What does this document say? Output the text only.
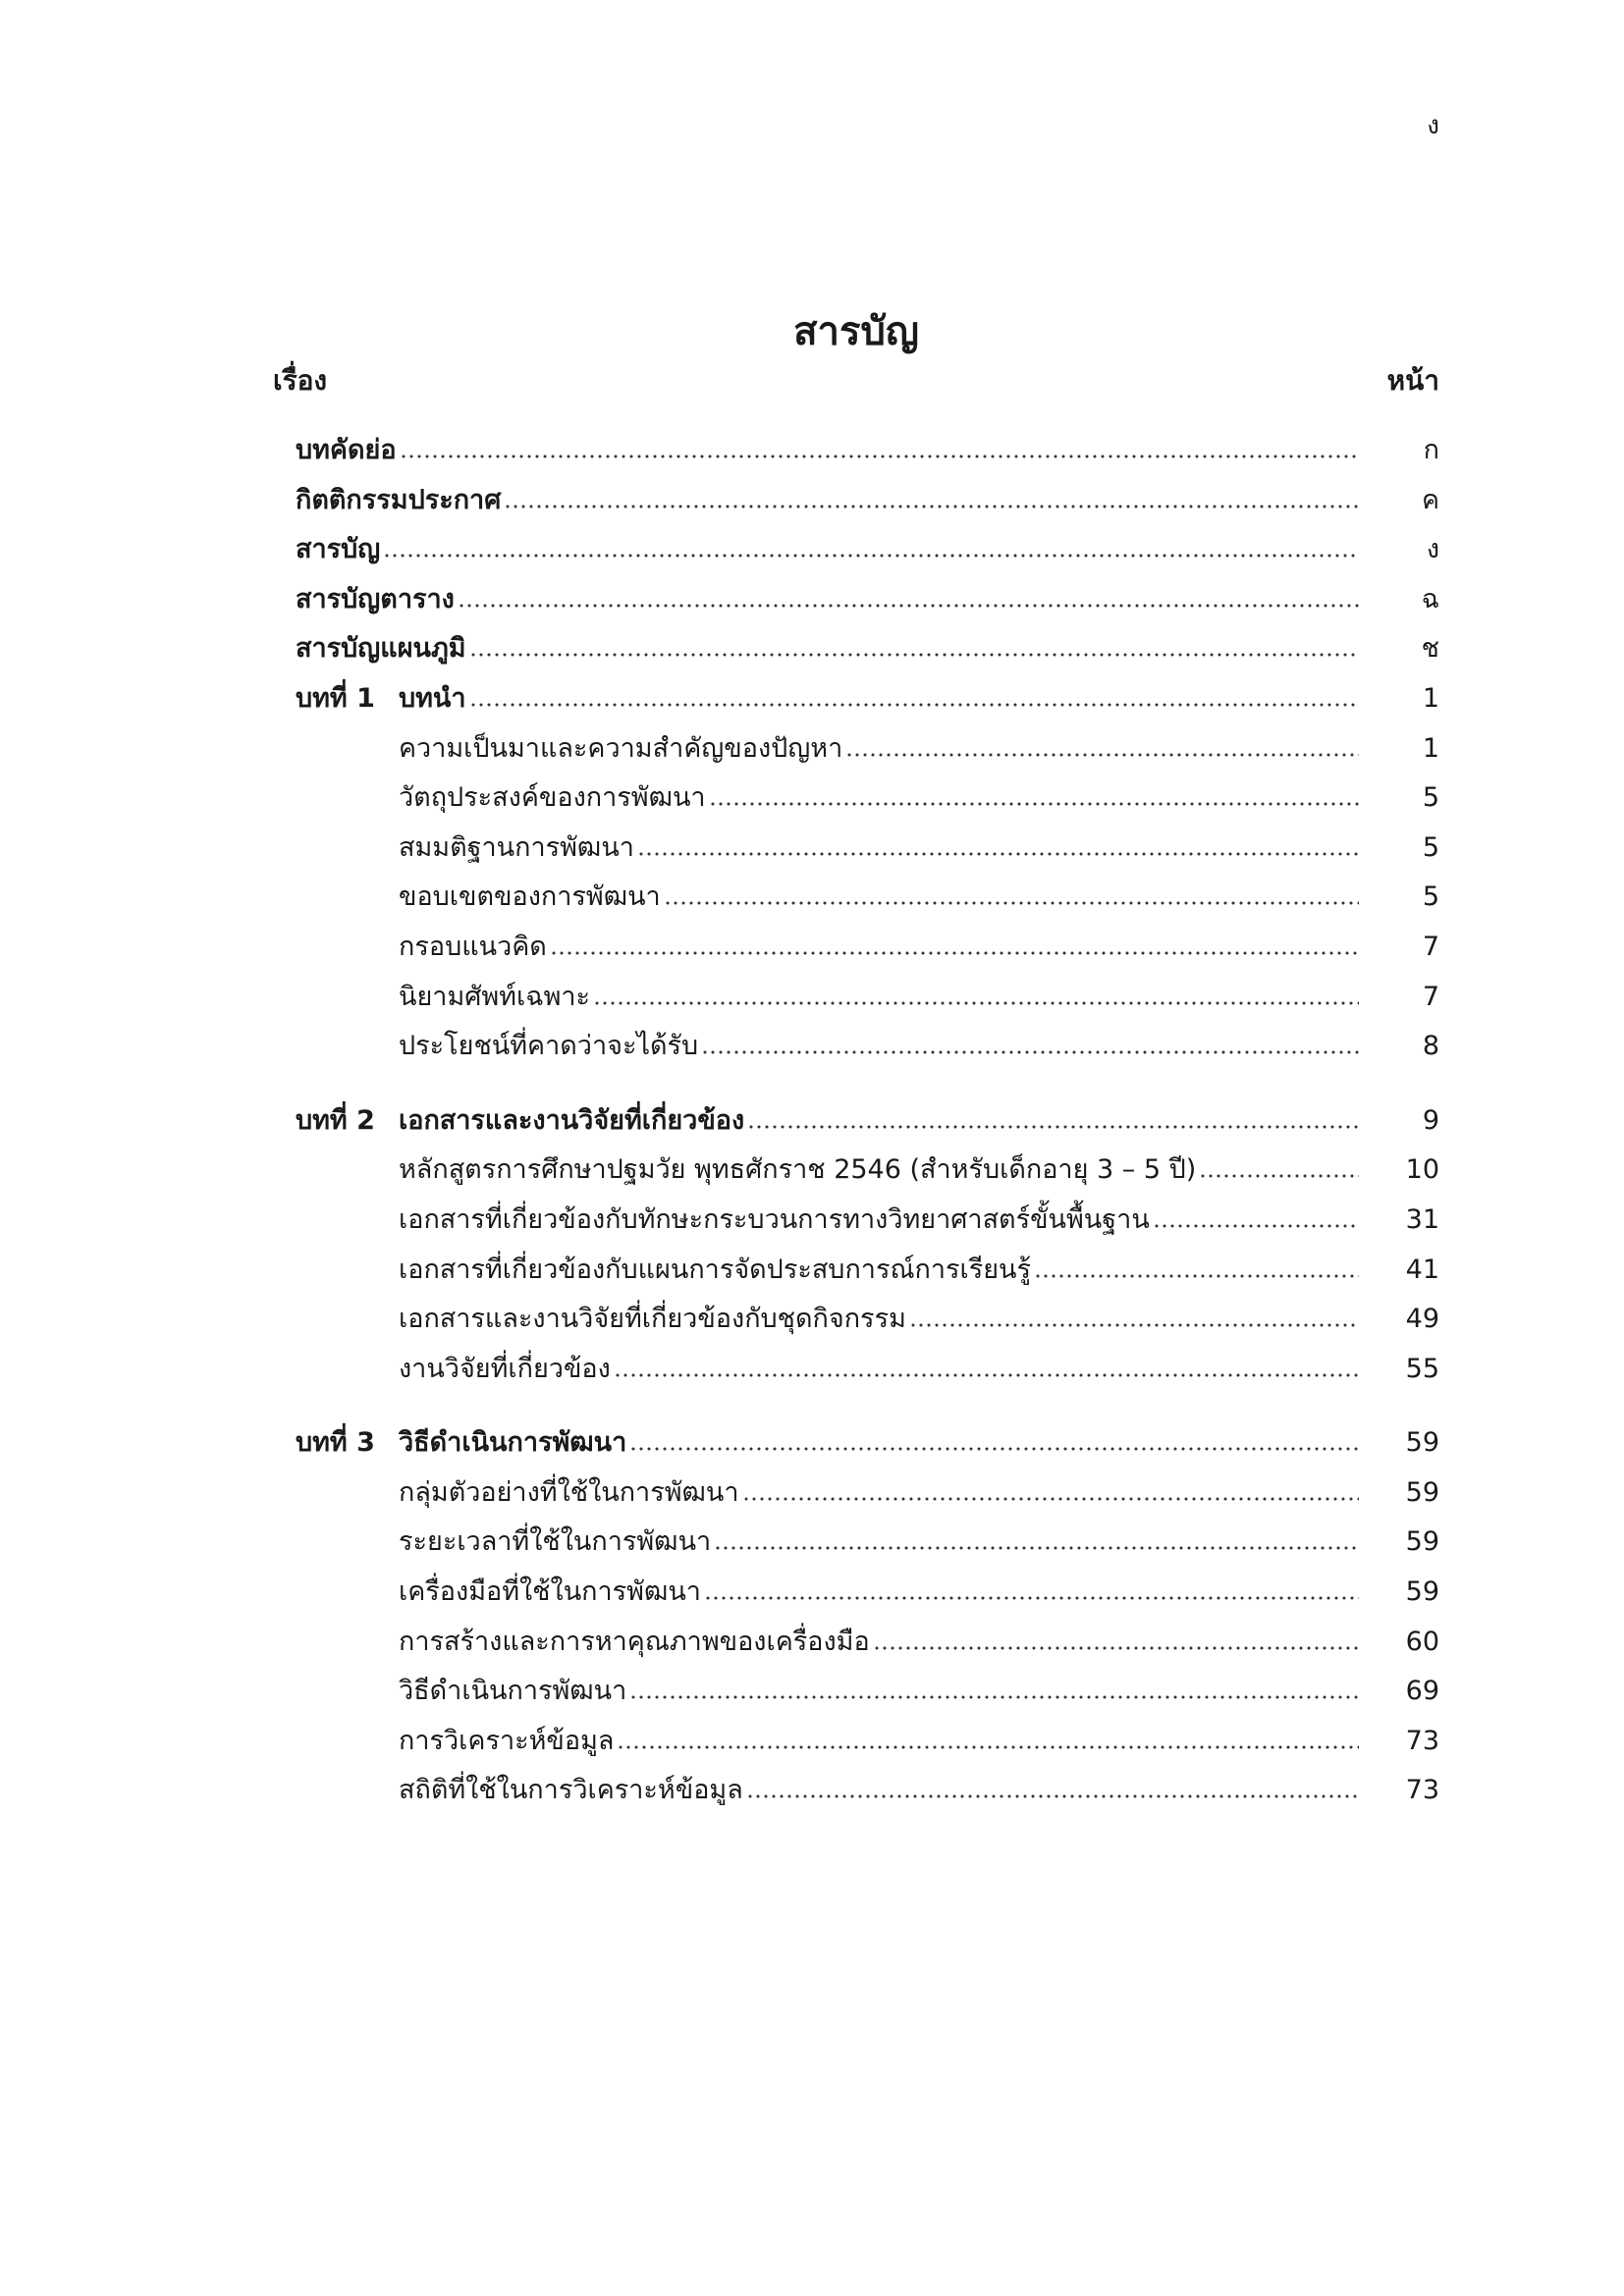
ง
สารบัญ
เรื่อง	หน้า
บทคัดย่อ	ก
กิตติกรรมประกาศ	ค
สารบัญ	ง
สารบัญตาราง	ฉ
สารบัญแผนภูมิ	ช
บทที่ 1 บทนำ	1
ความเป็นมาและความสำคัญของปัญหา	1
วัตถุประสงค์ของการพัฒนา	5
สมมติฐานการพัฒนา	5
ขอบเขตของการพัฒนา	5
กรอบแนวคิด	7
นิยามศัพท์เฉพาะ	7
ประโยชน์ที่คาดว่าจะได้รับ	8
บทที่ 2 เอกสารและงานวิจัยที่เกี่ยวข้อง	9
หลักสูตรการศึกษาปฐมวัย พุทธศักราช 2546 (สำหรับเด็กอายุ 3 – 5 ปี)	10
เอกสารที่เกี่ยวข้องกับทักษะกระบวนการทางวิทยาศาสตร์ขั้นพื้นฐาน	31
เอกสารที่เกี่ยวข้องกับแผนการจัดประสบการณ์การเรียนรู้	41
เอกสารและงานวิจัยที่เกี่ยวข้องกับชุดกิจกรรม	49
งานวิจัยที่เกี่ยวข้อง	55
บทที่ 3 วิธีดำเนินการพัฒนา	59
กลุ่มตัวอย่างที่ใช้ในการพัฒนา	59
ระยะเวลาที่ใช้ในการพัฒนา	59
เครื่องมือที่ใช้ในการพัฒนา	59
การสร้างและการหาคุณภาพของเครื่องมือ	60
วิธีดำเนินการพัฒนา	69
การวิเคราะห์ข้อมูล	73
สถิติที่ใช้ในการวิเคราะห์ข้อมูล	73
